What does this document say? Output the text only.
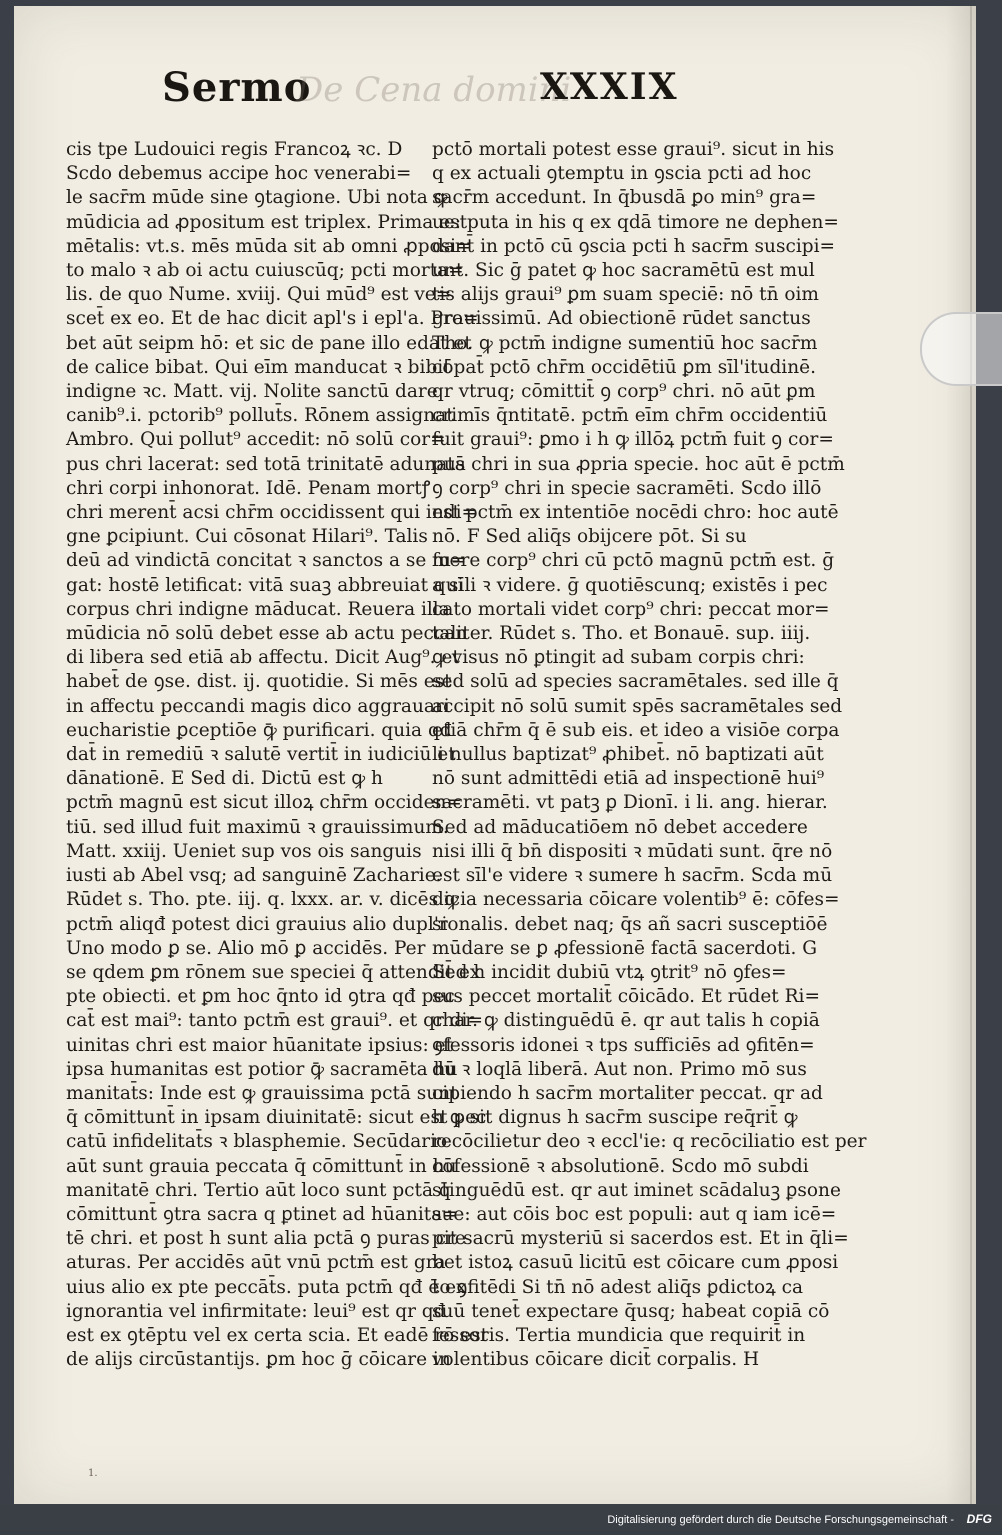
Sermo
De Cena domini
XXXIX
cis tpe Ludouici regis Francoꝝ ꝛc. D
Scdo debemus accipe hoc venerabi=
le sacr̄m mūde sine ꝯtagione. Ubi nota ꝙ
mūdicia ad ꝓpositum est triplex. Prima est
mētalis: vt.s. mēs mūda sit ab omni ꝓposi=
to malo ꝛ ab oi actu cuiuscūq; pcti morta=
lis. de quo Nume. xviij. Qui mūd⁹ est ve=
scet̄ ex eo. Et de hac dicit apl's i epl'a. Pro=
bet aūt seipm hō: et sic de pane illo edat et
de calice bibat. Qui eīm manducat ꝛ bibit
indigne ꝛc. Matt. vij. Nolite sanctū dare
canib⁹.i. pctorib⁹ pollut̄s. Rōnem assignat
Ambro. Qui pollut⁹ accedit: nō solū cor=
pus chri lacerat: sed totā trinitatē adunatā
chri corpi inhonorat. Idē. Penam mortꝭ
chri merent̄ acsi chr̄m occidissent qui indi=
gne ꝑcipiunt. Cui cōsonat Hilari⁹. Talis
deū ad vindictā concitat ꝛ sanctos a se fu=
gat: hostē letificat: vitā suaꝫ abbreuiat qui
corpus chri indigne māducat. Reuera illa
mūdicia nō solū debet esse ab actu peccan
di libera sed etiā ab affectu. Dicit Aug⁹. et
habet̄ de ꝯse. dist. ij. quotidie. Si mēs est
in affectu peccandi magis dico aggrauari
eucharistie ꝑceptiōe ꝙ̄ purificari. quia qđ
dat̄ in remediū ꝛ salutē vertit̄ in iudiciū et
dānationē. E Sed di. Dictū est ꝙ h
pctm̄ magnū est sicut illoꝝ chr̄m occiden=
tiū. sed illud fuit maximū ꝛ grauissimum.
Matt. xxiij. Ueniet sup vos ois sanguis
iusti ab Abel vsq; ad sanguinē Zacharie.
Rūdet s. Tho. pte. iij. q. lxxx. ar. v. dicēs ꝙ
pctm̄ aliqđ potest dici grauius alio dupl'r
Uno modo ꝑ se. Alio mō ꝑ accidēs. Per
se qdem ꝑm rōnem sue speciei q̄ attendit̄ ex
pte obiecti. et ꝑm hoc q̄nto id ꝯtra qđ pec
cat̄ est mai⁹: tanto pctm̄ est graui⁹. et qr di=
uinitas chri est maior hūanitate ipsius: et
ipsa humanitas est potior ꝙ̄ sacramēta hu
manitat̄s: Inde est ꝙ grauissima pctā sunt
q̄ cōmittunt̄ in ipsam diuinitatē: sicut est pec
catū infidelitat̄s ꝛ blasphemie. Secūdario
aūt sunt grauia peccata q̄ cōmittunt̄ in hu
manitatē chri. Tertio aūt loco sunt pctā q̄
cōmittunt̄ ꝯtra sacra q ꝑtinet ad hūanita=
tē chri. et post h sunt alia pctā ꝯ puras cre
aturas. Per accidēs aūt vnū pctm̄ est gra
uius alio ex pte peccāt̄s. puta pctm̄ qđ ē ex
ignorantia vel infirmitate: leui⁹ est qr qđ
est ex ꝯtēptu vel ex certa scia. Et eadē rō est
de alijs circūstantijs. ꝑm hoc ḡ cōicare in
pctō mortali potest esse graui⁹. sicut in his
q ex actuali ꝯtemptu in ꝯscia pcti ad hoc
sacr̄m accedunt. In q̄busdā ꝑo min⁹ gra=
ue: puta in his q ex qdā timore ne dephen=
dant̄ in pctō cū ꝯscia pcti h sacr̄m suscipi=
unt. Sic ḡ patet ꝙ hoc sacramētū est mul
tis alijs graui⁹ ꝑm suam speciē: nō tn̄ oim
grauissimū. Ad obiectionē rūdet sanctus
Tho. ꝙ pctm̄ indigne sumentiū hoc sacr̄m
cōpat̄ pctō chr̄m occidētiū ꝑm sīl'itudinē.
qr vtruq; cōmittit̄ ꝯ corp⁹ chri. nō aūt ꝑm
crimīs q̄ntitatē. pctm̄ eīm chr̄m occidentiū
fuit graui⁹: ꝑmo i h ꝙ illōꝝ pctm̄ fuit ꝯ cor=
pus chri in sua ꝓpria specie. hoc aūt ē pctm̄
ꝯ corp⁹ chri in specie sacramēti. Scdo illō
est pctm̄ ex intentiōe nocēdi chro: hoc autē
nō. F Sed aliq̄s obijcere pōt. Si su
mere corp⁹ chri cū pctō magnū pctm̄ est. ḡ
a sīli ꝛ videre. ḡ quotiēscunq; existēs i pec
cato mortali videt corp⁹ chri: peccat mor=
taliter. Rūdet s. Tho. et Bonauē. sup. iiij.
ꝙ visus nō ꝑtingit ad subam corpis chri:
sed solū ad species sacramētales. sed ille q̄
accipit nō solū sumit spēs sacramētales sed
etiā chr̄m q̄ ē sub eis. et ideo a visiōe corpa
li nullus baptizat⁹ ꝓhibet̄. nō baptizati aūt
nō sunt admittēdi etiā ad inspectionē hui⁹
sacramēti. vt patꝫ ꝑ Dionī. i li. ang. hierar.
Sed ad māducatiōem nō debet accedere
nisi illi q̄ bn̄ dispositi ꝛ mūdati sunt. q̄re nō
est sīl'e videre ꝛ sumere h sacr̄m. Scda mū
dicia necessaria cōicare volentib⁹ ē: cōfes=
sionalis. debet naq; q̄s añ sacri susceptiōē
mūdare se ꝑ ꝓfessionē factā sacerdoti. G
Sed h incidit dubiū vtꝝ ꝯtrit⁹ nō ꝯfes=
sus peccet mortalit̄ cōicādo. Et rūdet Ri=
char. ꝙ distinguēdū ē. qr aut talis h copiā
ꝯfessoris idonei ꝛ tps sufficiēs ad ꝯfitēn=
dū ꝛ loqlā liberā. Aut non. Primo mō sus
cipiendo h sacr̄m mortaliter peccat. qr ad
h ꝙ sit dignus h sacr̄m suscipe req̄rit̄ ꝙ
recōcilietur deo ꝛ eccl'ie: q recōciliatio est per
cōfessionē ꝛ absolutionē. Scdo mō subdi
stinguēdū est. qr aut iminet scādaluꝫ ꝑsone
sue: aut cōis boc est populi: aut q iam icē=
pit sacrū mysteriū si sacerdos est. Et in q̄li=
bet istoꝝ casuū licitū est cōicare cum ꝓposi
to ꝯfitēdi Si tn̄ nō adest aliq̄s ꝑdictoꝝ ca
suū tenet̄ expectare q̄usq; habeat copiā cō
fessoris. Tertia mundicia que requirit̄ in
volentibus cōicare dicit̄ corpalis. H
1.
Digitalisierung gefördert durch die Deutsche Forschungsgemeinschaft - DFG
